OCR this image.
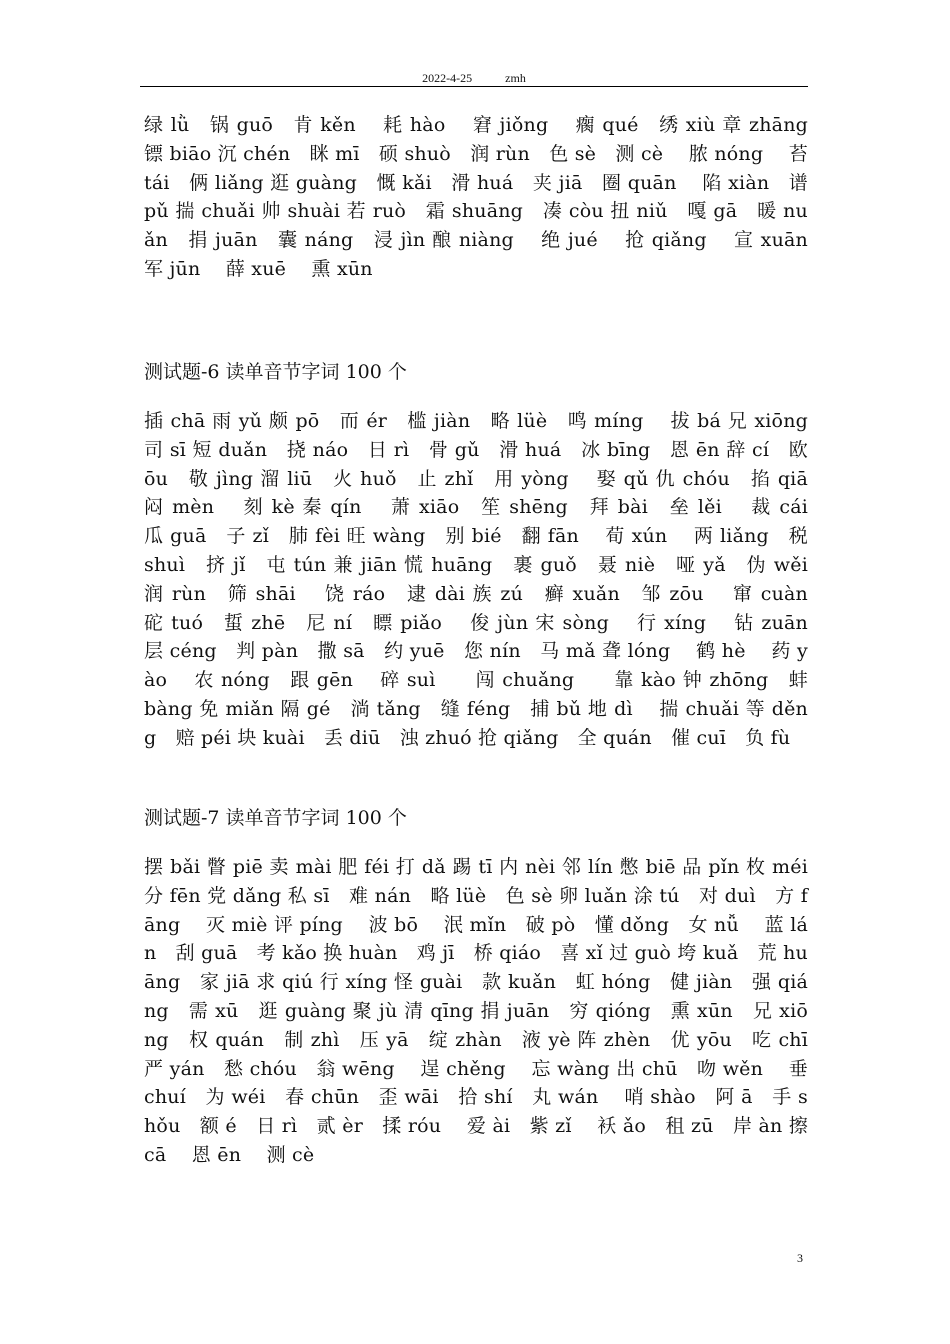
2022-4-25	zmh
绿 lǜ　锅 guō　肯 kěn　 耗 hào　 窘 jiǒng　 瘸 qué　绣 xiù 章 zhāng　镖 biāo 沉 chén　眯 mī　硕 shuò　润 rùn　色 sè　测 cè　 脓 nóng　 苔 tái　俩 liǎng 逛 guàng　慨 kǎi　滑 huá　夹 jiā　圈 quān　 陷 xiàn　谱 pǔ 揣 chuǎi 帅 shuài 若 ruò　霜 shuāng　凑 còu 扭 niǔ　嘎 gā　暖 nuǎn　捐 juān　囊 náng　浸 jìn 酿 niàng　 绝 jué　 抢 qiǎng　 宣 xuān　 军 jūn　 薛 xuē　 熏 xūn
测试题-6 读单音节字词 100 个
插 chā 雨 yǔ 颇 pō　而 ér　槛 jiàn　略 lüè　鸣 míng　 拔 bá 兄 xiōng　司 sī 短 duǎn　挠 náo　日 rì　骨 gǔ　滑 huá　冰 bīng　恩 ēn 辞 cí　欧 ōu　敬 jìng 溜 liū　火 huǒ　止 zhǐ　用 yòng　 娶 qǔ 仇 chóu　掐 qiā　闷 mèn　 刻 kè 秦 qín　 萧 xiāo　笙 shēng　拜 bài　垒 lěi　 裁 cái　 瓜 guā　子 zǐ　肺 fèi 旺 wàng　别 bié　翻 fān　 荀 xún　 两 liǎng　税 shuì　挤 jǐ　屯 tún 兼 jiān 慌 huāng　裹 guǒ　聂 niè　哑 yǎ　伪 wěi　润 rùn　筛 shāi　 饶 ráo　逮 dài 族 zú　癣 xuǎn　邹 zōu　 窜 cuàn　砣 tuó　蜇 zhē　尼 ní　瞟 piǎo　 俊 jùn 宋 sòng　 行 xíng　 钻 zuān　层 céng　判 pàn　撒 sā　约 yuē　您 nín　马 mǎ 聋 lóng　 鹤 hè　 药 yào　 农 nóng　跟 gēn　 碎 suì　　闯 chuǎng　　靠 kào 钟 zhōng　蚌 bàng 免 miǎn 隔 gé　淌 tǎng　缝 féng　捕 bǔ 地 dì　 揣 chuǎi 等 děng　赔 péi 块 kuài　丢 diū　浊 zhuó 抢 qiǎng　全 quán　催 cuī　负 fù
测试题-7 读单音节字词 100 个
摆 bǎi 瞥 piē 卖 mài 肥 féi 打 dǎ 踢 tī 内 nèi 邻 lín 憋 biē 品 pǐn 枚 méi 分 fēn 党 dǎng 私 sī　难 nán　略 lüè　色 sè 卵 luǎn 涂 tú　对 duì　方 fāng　 灭 miè 评 píng　 波 bō　 泯 mǐn　破 pò　懂 dǒng　女 nǚ　 蓝 lán　刮 guā　考 kǎo 换 huàn　鸡 jī　桥 qiáo　喜 xǐ 过 guò 垮 kuǎ　荒 huāng　家 jiā 求 qiú 行 xíng 怪 guài　款 kuǎn　虹 hóng　健 jiàn　强 qiáng　需 xū　逛 guàng 聚 jù 清 qīng 捐 juān　穷 qióng　熏 xūn　兄 xiōng　权 quán　制 zhì　压 yā　绽 zhàn　液 yè 阵 zhèn　优 yōu　吃 chī　严 yán　愁 chóu　翁 wēng　 逞 chěng　 忘 wàng 出 chū　吻 wěn　 垂 chuí　为 wéi　春 chūn　歪 wāi　拾 shí　丸 wán　 哨 shào　阿 ā　手 shǒu　额 é　日 rì　贰 èr　揉 róu　 爱 ài　紫 zǐ　 袄 ǎo　租 zū　岸 àn 擦 cā　 恩 ēn　 测 cè
3
